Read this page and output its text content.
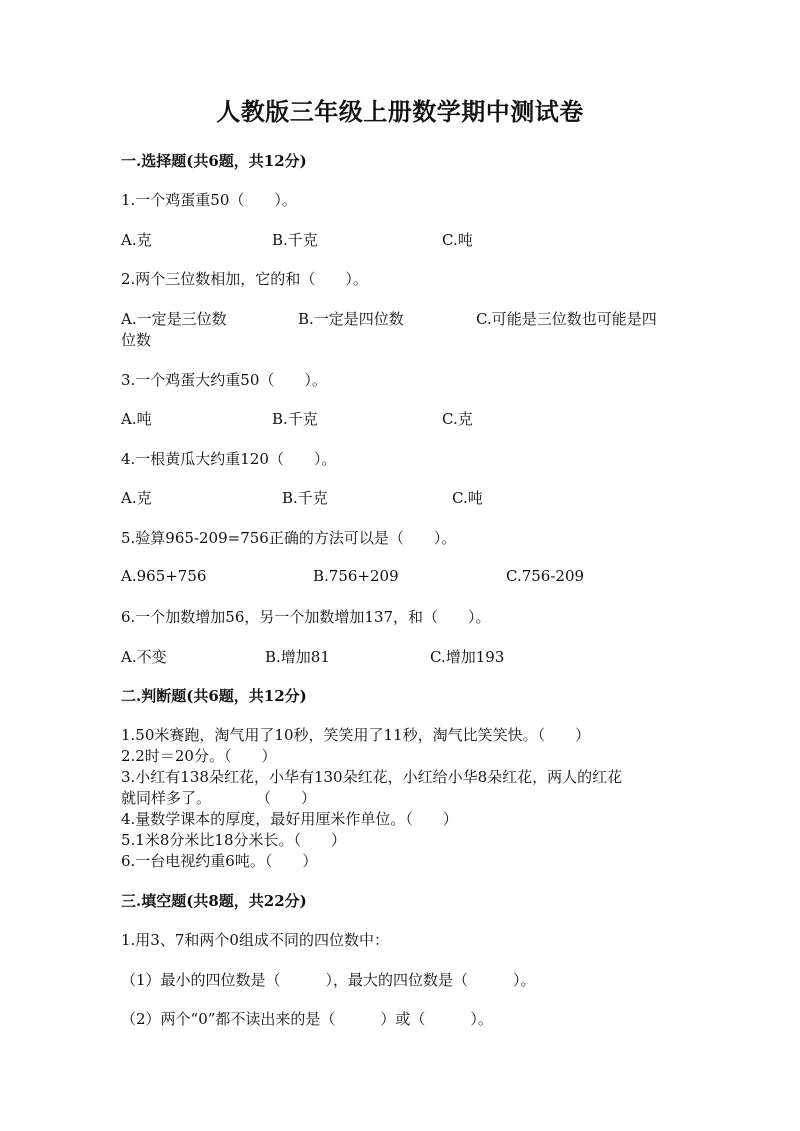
人教版三年级上册数学期中测试卷
一.选择题(共6题，共12分)
1.一个鸡蛋重50（　　）。
A.克	B.千克	C.吨
2.两个三位数相加，它的和（　　）。
A.一定是三位数	B.一定是四位数	C.可能是三位数也可能是四
位数
3.一个鸡蛋大约重50（　　）。
A.吨	B.千克	C.克
4.一根黄瓜大约重120（　　）。
A.克	B.千克	C.吨
5.验算965-209=756正确的方法可以是（　　）。
A.965+756	B.756+209	C.756-209
6.一个加数增加56，另一个加数增加137，和（　　）。
A.不变	B.增加81	C.增加193
二.判断题(共6题，共12分)
1.50米赛跑，淘气用了10秒，笑笑用了11秒，淘气比笑笑快。（　　）
2.2时＝20分。（　　）
3.小红有138朵红花，小华有130朵红花，小红给小华8朵红花，两人的红花
就同样多了。　　　　（　　）
4.量数学课本的厚度，最好用厘米作单位。（　　）
5.1米8分米比18分米长。（　　）
6.一台电视约重6吨。（　　）
三.填空题(共8题，共22分)
1.用3、7和两个0组成不同的四位数中：
（1）最小的四位数是（　　　），最大的四位数是（　　　）。
（2）两个“0”都不读出来的是（　　　）或（　　　）。
